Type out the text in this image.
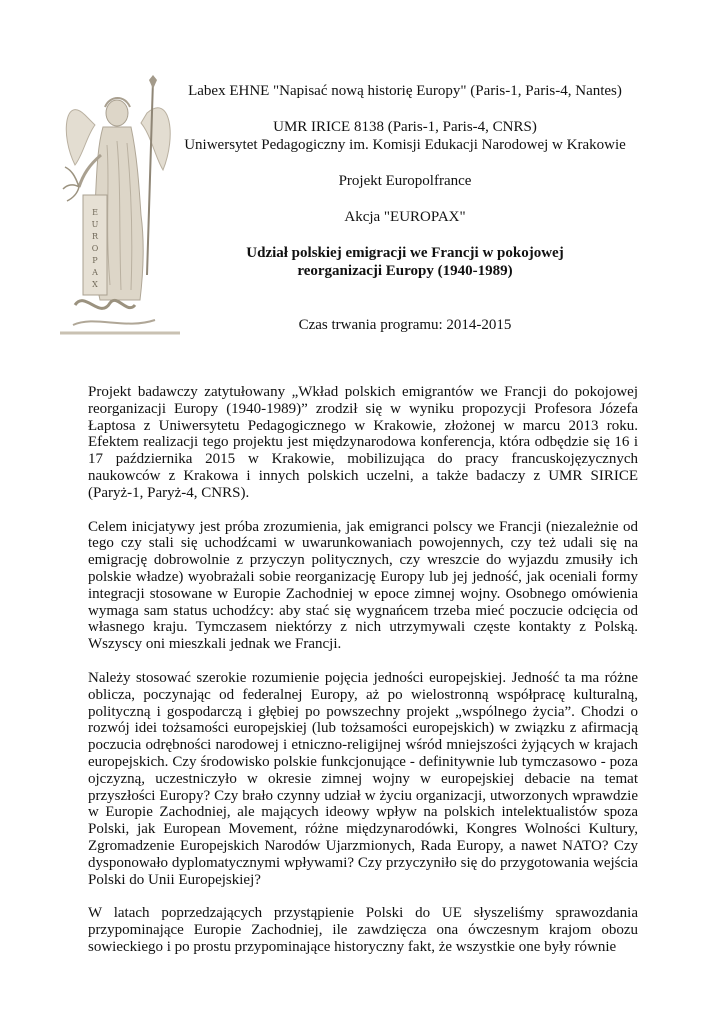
E
U
R
O
P
A
X
Labex EHNE "Napisać nową historię Europy" (Paris-1, Paris-4, Nantes)
UMR IRICE 8138 (Paris-1, Paris-4, CNRS)
Uniwersytet Pedagogiczny im. Komisji Edukacji Narodowej w Krakowie
Projekt Europolfrance
Akcja "EUROPAX"
Udział polskiej emigracji we Francji w pokojowej
reorganizacji Europy (1940-1989)
Czas trwania programu: 2014-2015

Projekt badawczy zatytułowany „Wkład polskich emigrantów we Francji do pokojowej reorganizacji Europy (1940-1989)” zrodził się w wyniku propozycji Profesora Józefa Łaptosa z Uniwersytetu Pedagogicznego w Krakowie, złożonej w marcu 2013 roku. Efektem realizacji tego projektu jest międzynarodowa konferencja, która odbędzie się 16 i 17 października 2015 w Krakowie, mobilizująca do pracy francuskojęzycznych naukowców z Krakowa i innych polskich uczelni, a także badaczy z UMR SIRICE (Paryż-1, Paryż-4, CNRS).

Celem inicjatywy jest próba zrozumienia, jak emigranci polscy we Francji (niezależnie od tego czy stali się uchodźcami w uwarunkowaniach powojennych, czy też udali się na emigrację dobrowolnie z przyczyn politycznych, czy wreszcie do wyjazdu zmusiły ich polskie władze) wyobrażali sobie reorganizację Europy lub jej jedność, jak oceniali formy integracji stosowane w Europie Zachodniej w epoce zimnej wojny. Osobnego omówienia wymaga sam status uchodźcy: aby stać się wygnańcem trzeba mieć poczucie odcięcia od własnego kraju. Tymczasem niektórzy z nich utrzymywali częste kontakty z Polską. Wszyscy oni mieszkali jednak we Francji.

Należy stosować szerokie rozumienie pojęcia jedności europejskiej. Jedność ta ma różne oblicza, poczynając od federalnej Europy, aż po wielostronną współpracę kulturalną, polityczną i gospodarczą i głębiej po powszechny projekt „wspólnego życia”. Chodzi o rozwój idei tożsamości europejskiej (lub tożsamości europejskich) w związku z afirmacją poczucia odrębności narodowej i etniczno-religijnej wśród mniejszości żyjących w krajach europejskich. Czy środowisko polskie funkcjonujące - definitywnie lub tymczasowo - poza ojczyzną, uczestniczyło w okresie zimnej wojny w europejskiej debacie na temat przyszłości Europy? Czy brało czynny udział w życiu organizacji, utworzonych wprawdzie w Europie Zachodniej, ale mających ideowy wpływ na polskich intelektualistów spoza Polski, jak European Movement, różne międzynarodówki, Kongres Wolności Kultury, Zgromadzenie Europejskich Narodów Ujarzmionych, Rada Europy, a nawet NATO? Czy dysponowało dyplomatycznymi wpływami? Czy przyczyniło się do przygotowania wejścia Polski do Unii Europejskiej?

W latach poprzedzających przystąpienie Polski do UE słyszeliśmy sprawozdania przypominające Europie Zachodniej, ile zawdzięcza ona ówczesnym krajom obozu sowieckiego i po prostu przypominające historyczny fakt, że wszystkie one były równie
